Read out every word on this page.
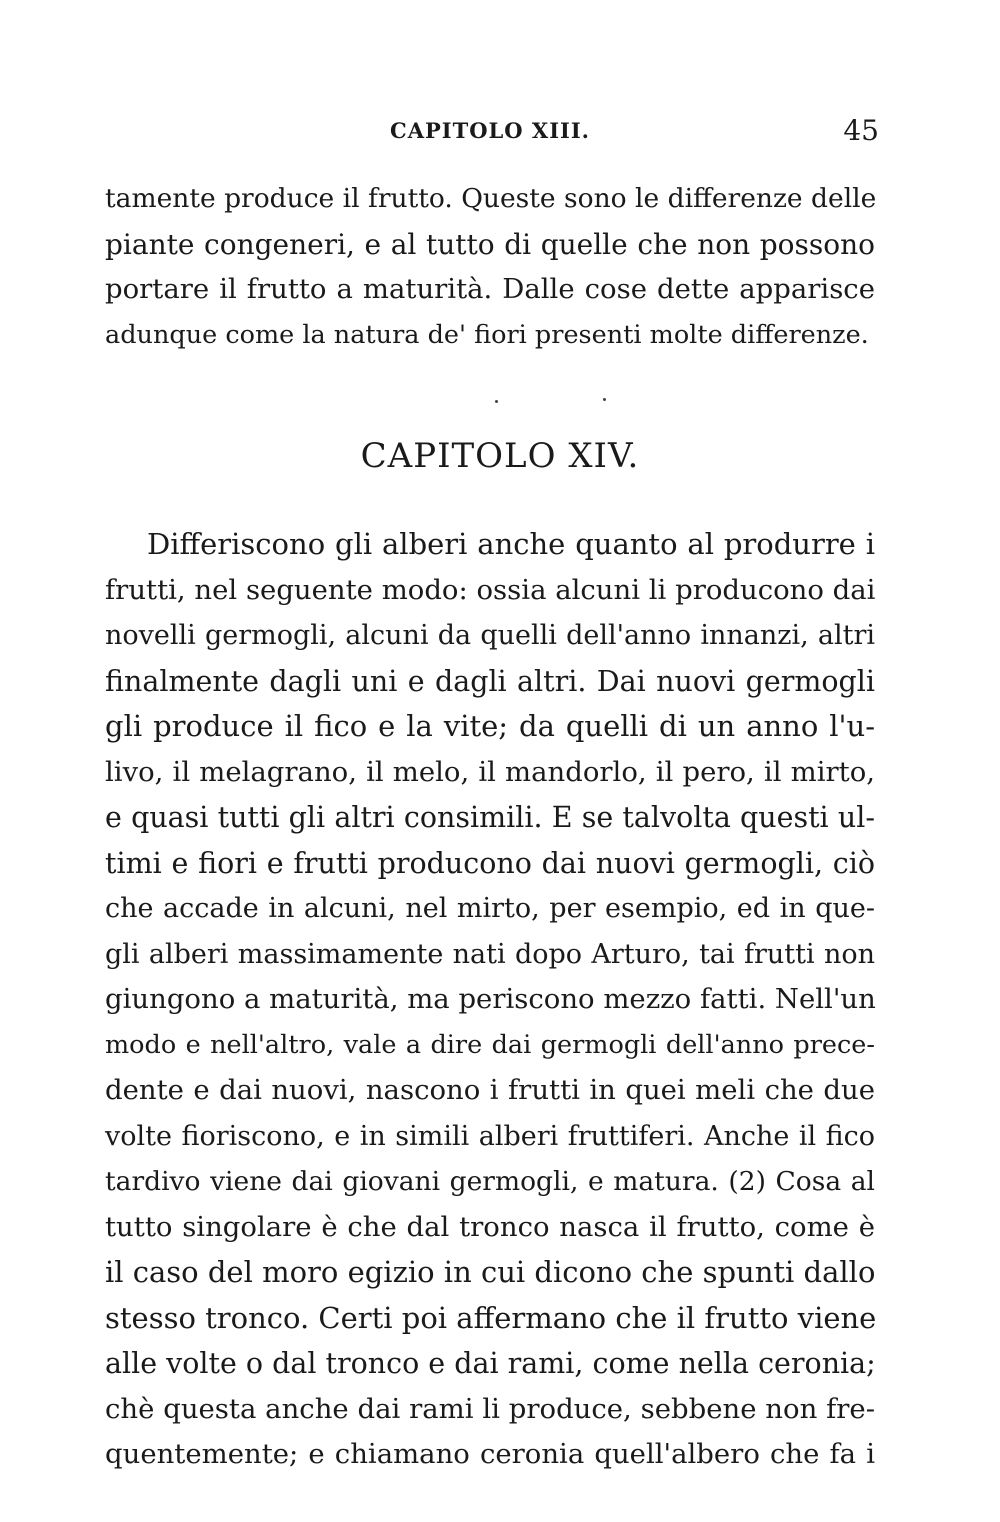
CAPITOLO XIII.	45
tamente produce il frutto. Queste sono le differenze delle
piante congeneri, e al tutto di quelle che non possono
portare il frutto a maturità. Dalle cose dette apparisce
adunque come la natura de' fiori presenti molte differenze.
CAPITOLO XIV.
Differiscono gli alberi anche quanto al produrre i
frutti, nel seguente modo: ossia alcuni li producono dai
novelli germogli, alcuni da quelli dell'anno innanzi, altri
finalmente dagli uni e dagli altri. Dai nuovi germogli
gli produce il fico e la vite; da quelli di un anno l'u-
livo, il melagrano, il melo, il mandorlo, il pero, il mirto,
e quasi tutti gli altri consimili. E se talvolta questi ul-
timi e fiori e frutti producono dai nuovi germogli, ciò
che accade in alcuni, nel mirto, per esempio, ed in que-
gli alberi massimamente nati dopo Arturo, tai frutti non
giungono a maturità, ma periscono mezzo fatti. Nell'un
modo e nell'altro, vale a dire dai germogli dell'anno prece-
dente e dai nuovi, nascono i frutti in quei meli che due
volte fioriscono, e in simili alberi fruttiferi. Anche il fico
tardivo viene dai giovani germogli, e matura. (2) Cosa al
tutto singolare è che dal tronco nasca il frutto, come è
il caso del moro egizio in cui dicono che spunti dallo
stesso tronco. Certi poi affermano che il frutto viene
alle volte o dal tronco e dai rami, come nella ceronia;
chè questa anche dai rami li produce, sebbene non fre-
quentemente; e chiamano ceronia quell'albero che fa i
